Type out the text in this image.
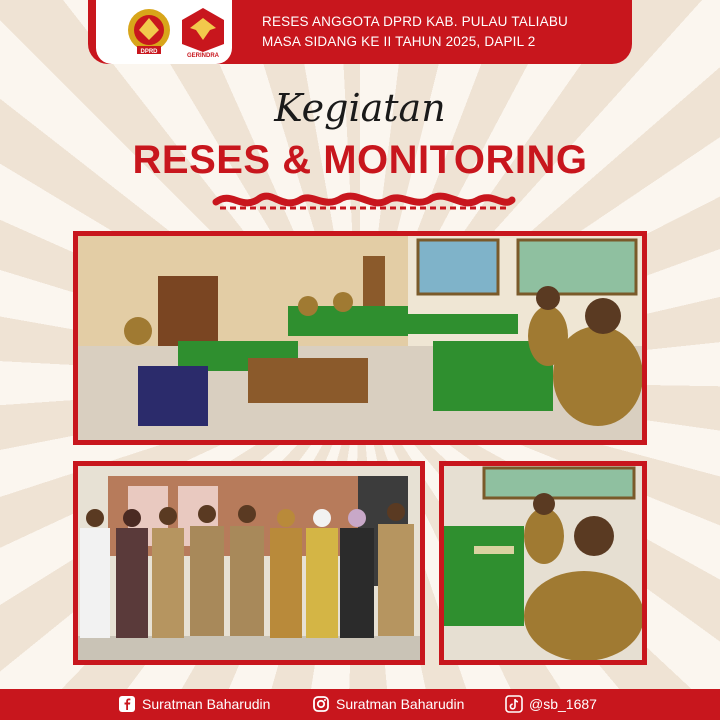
DPRD
GERINDRA
RESES ANGGOTA DPRD KAB. PULAU TALIABU
MASA SIDANG KE II TAHUN 2025, DAPIL 2
Kegiatan
RESES & MONITORING
Suratman Baharudin	Suratman Baharudin	@sb_1687
